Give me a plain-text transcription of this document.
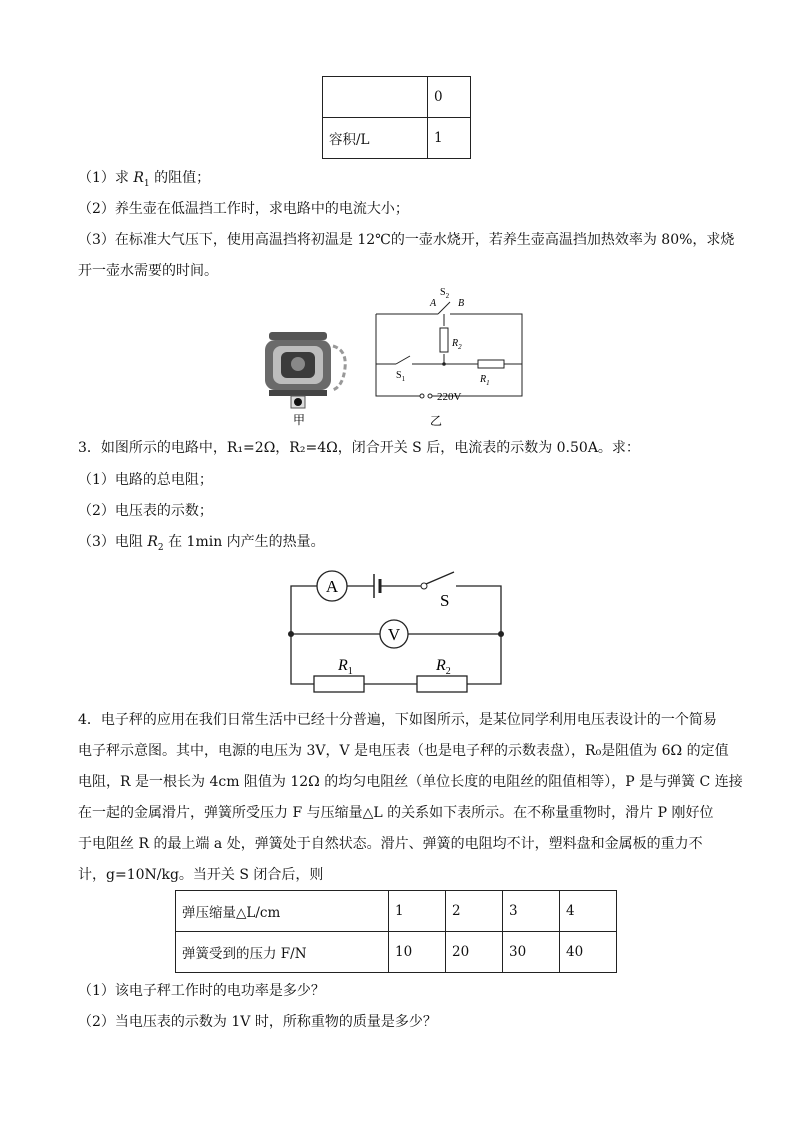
	0
容积/L	1
（1）求 $R_1$ 的阻值；
（2）养生壶在低温挡工作时，求电路中的电流大小；
（3）在标准大气压下，使用高温挡将初温是 12℃的一壶水烧开，若养生壶高温挡加热效率为 80%，求烧
开一壶水需要的时间。
甲
A B
$S_2$
$R_2$
$S_1$	$R_1$
220V
乙
3．如图所示的电路中，R₁=2Ω，R₂=4Ω，闭合开关 S 后，电流表的示数为 0.50A。求：
（1）电路的总电阻；
（2）电压表的示数；
（3）电阻 $R_2$ 在 1min 内产生的热量。
A
S
V
$R_1$	$R_2$
4．电子秤的应用在我们日常生活中已经十分普遍，下如图所示，是某位同学利用电压表设计的一个简易
电子秤示意图。其中，电源的电压为 3V，V 是电压表（也是电子秤的示数表盘），R₀是阻值为 6Ω 的定值
电阻，R 是一根长为 4cm 阻值为 12Ω 的均匀电阻丝（单位长度的电阻丝的阻值相等），P 是与弹簧 C 连接
在一起的金属滑片，弹簧所受压力 F 与压缩量△L 的关系如下表所示。在不称量重物时，滑片 P 刚好位
于电阻丝 R 的最上端 a 处，弹簧处于自然状态。滑片、弹簧的电阻均不计，塑料盘和金属板的重力不
计，g=10N/kg。当开关 S 闭合后，则
弹压缩量△L/cm	1	2	3	4
弹簧受到的压力 F/N	10	20	30	40
（1）该电子秤工作时的电功率是多少？
（2）当电压表的示数为 1V 时，所称重物的质量是多少？
